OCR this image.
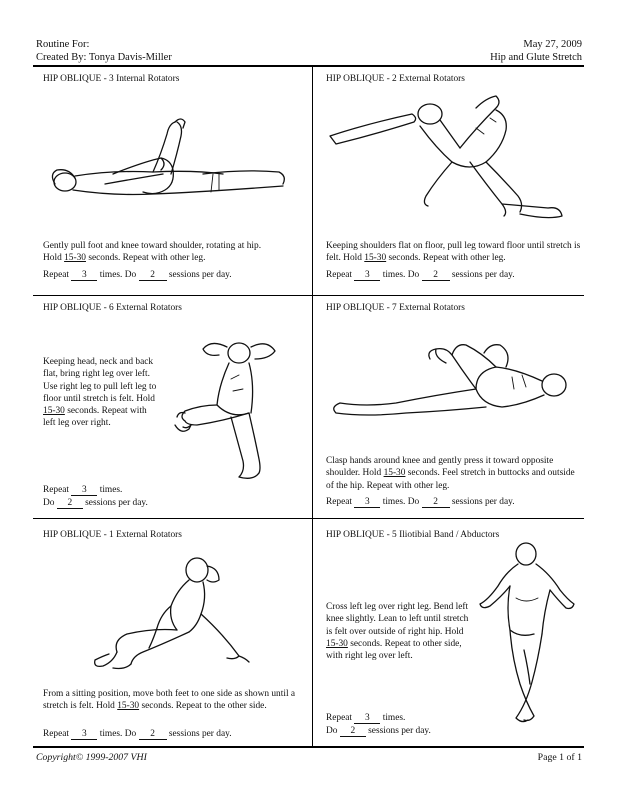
Routine For:
Created By: Tonya Davis-Miller
May 27, 2009
Hip and Glute Stretch
HIP OBLIQUE - 3 Internal Rotators
Gently pull foot and knee toward shoulder, rotating at hip.
Hold 15-30 seconds. Repeat with other leg.
Repeat 3 times. Do 2 sessions per day.
HIP OBLIQUE - 2 External Rotators
Keeping shoulders flat on floor, pull leg toward floor until stretch is felt. Hold 15-30 seconds. Repeat with other leg.
Repeat 3 times. Do 2 sessions per day.
HIP OBLIQUE - 6 External Rotators
Keeping head, neck and back flat, bring right leg over left. Use right leg to pull left leg to floor until stretch is felt. Hold 15-30 seconds. Repeat with left leg over right.
Repeat 3 times.
Do 2 sessions per day.
HIP OBLIQUE - 7 External Rotators
Clasp hands around knee and gently press it toward opposite shoulder. Hold 15-30 seconds. Feel stretch in buttocks and outside of the hip. Repeat with other leg.
Repeat 3 times. Do 2 sessions per day.
HIP OBLIQUE - 1 External Rotators
From a sitting position, move both feet to one side as shown until a stretch is felt. Hold 15-30 seconds. Repeat to the other side.
Repeat 3 times. Do 2 sessions per day.
HIP OBLIQUE - 5 Iliotibial Band / Abductors
Cross left leg over right leg. Bend left knee slightly. Lean to left until stretch is felt over outside of right hip. Hold 15-30 seconds. Repeat to other side, with right leg over left.
Repeat 3 times.
Do 2 sessions per day.
Copyright© 1999-2007 VHI	Page 1 of 1
